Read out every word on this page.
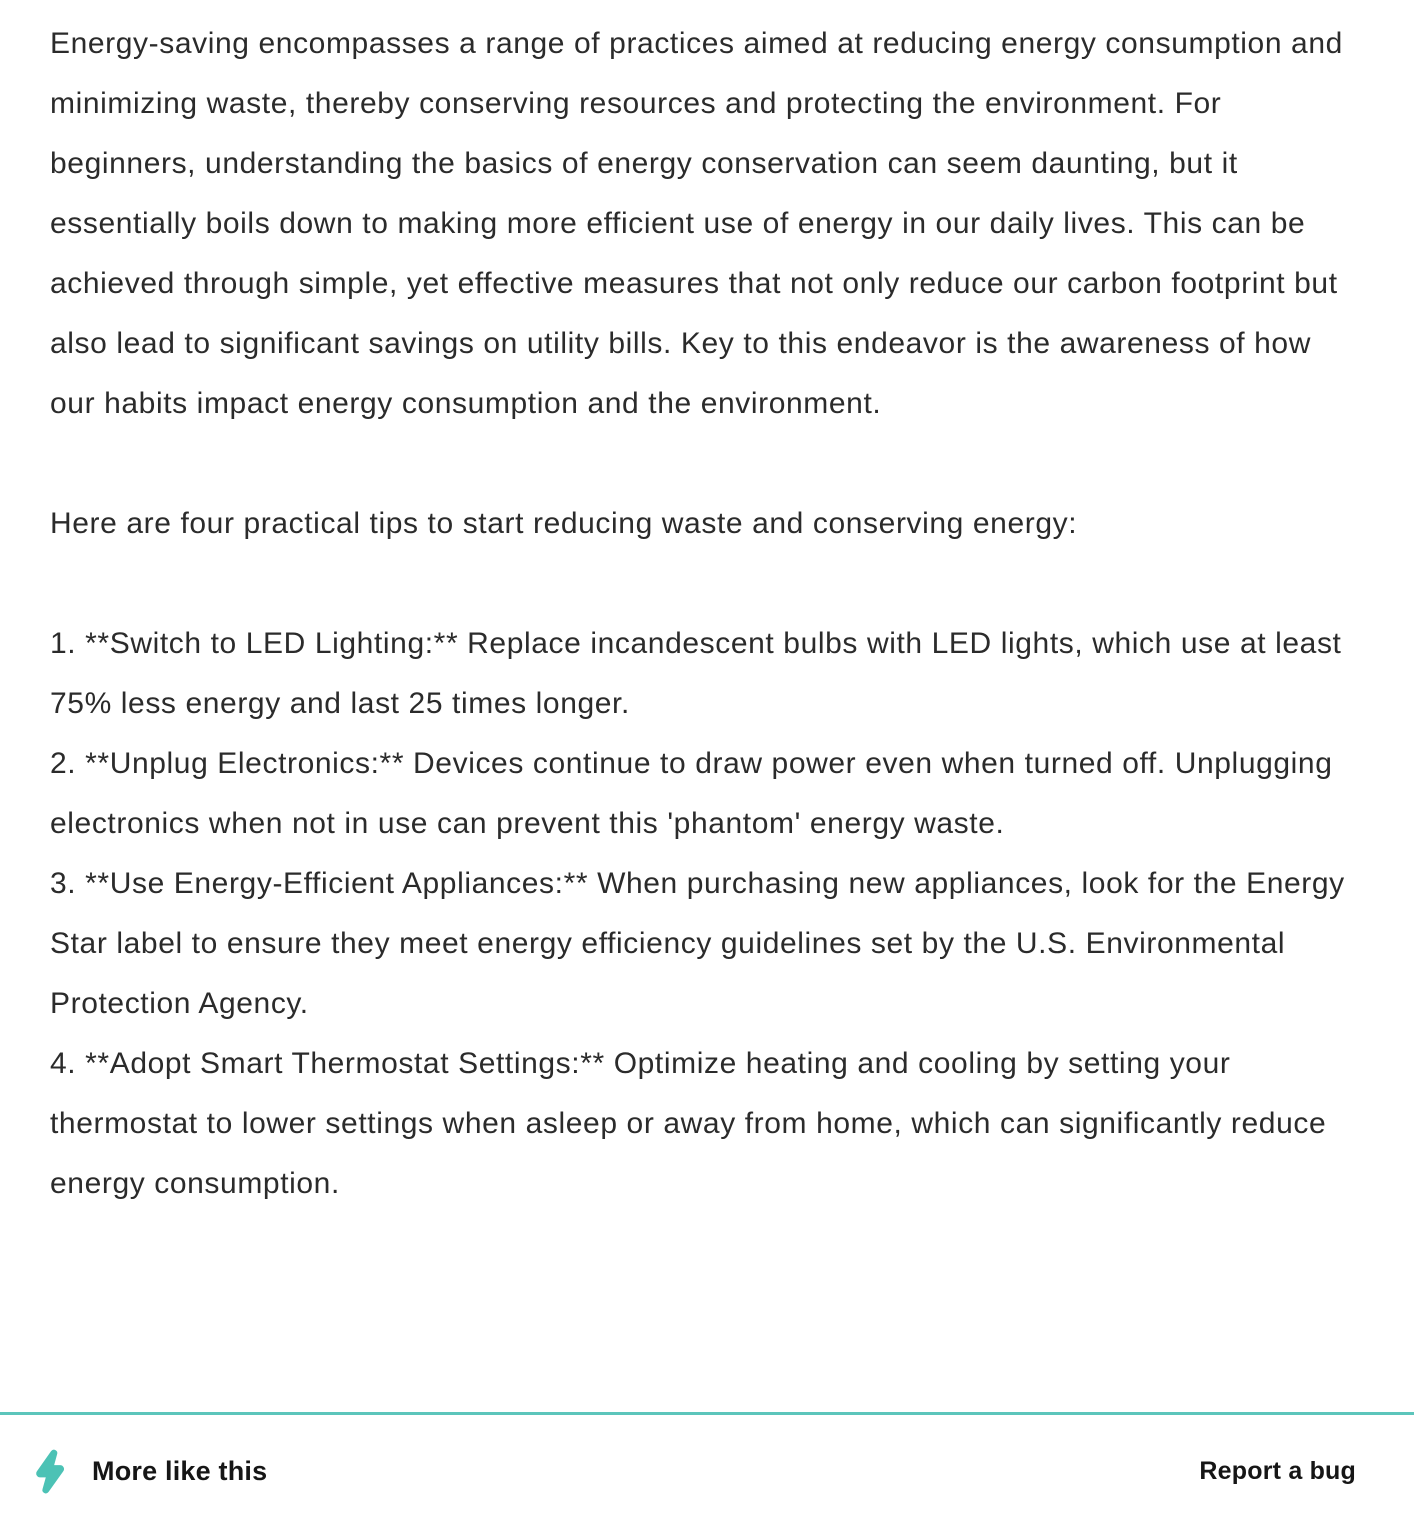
Energy-saving encompasses a range of practices aimed at reducing energy consumption and minimizing waste, thereby conserving resources and protecting the environment. For beginners, understanding the basics of energy conservation can seem daunting, but it essentially boils down to making more efficient use of energy in our daily lives. This can be achieved through simple, yet effective measures that not only reduce our carbon footprint but also lead to significant savings on utility bills. Key to this endeavor is the awareness of how our habits impact energy consumption and the environment.

Here are four practical tips to start reducing waste and conserving energy:

1. **Switch to LED Lighting:** Replace incandescent bulbs with LED lights, which use at least 75% less energy and last 25 times longer.

2. **Unplug Electronics:** Devices continue to draw power even when turned off. Unplugging electronics when not in use can prevent this 'phantom' energy waste.

3. **Use Energy-Efficient Appliances:** When purchasing new appliances, look for the Energy Star label to ensure they meet energy efficiency guidelines set by the U.S. Environmental Protection Agency.

4. **Adopt Smart Thermostat Settings:** Optimize heating and cooling by setting your thermostat to lower settings when asleep or away from home, which can significantly reduce energy consumption.

More like this	Report a bug
